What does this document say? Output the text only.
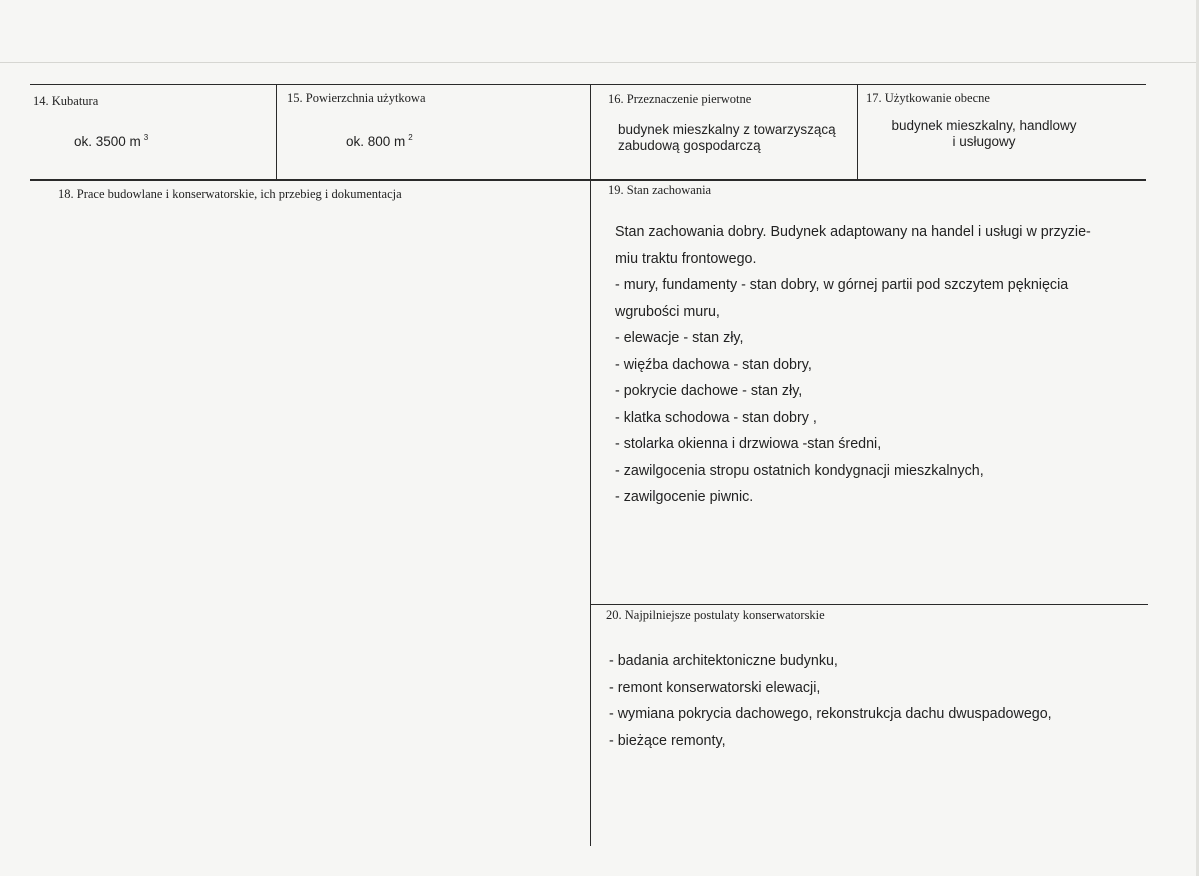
14. Kubatura
ok. 3500 m $^3$
15. Powierzchnia użytkowa
ok. 800 m $^2$
16. Przeznaczenie pierwotne
budynek mieszkalny z towarzyszącą
zabudową gospodarczą
17. Użytkowanie obecne
budynek mieszkalny, handlowy
i usługowy
18. Prace budowlane i konserwatorskie, ich przebieg i dokumentacja	19. Stan zachowania
Stan zachowania dobry. Budynek adaptowany na handel i usługi w przyzie-
miu traktu frontowego.
- mury, fundamenty - stan dobry, w górnej partii pod szczytem pęknięcia
wgrubości muru,
- elewacje - stan zły,
- więźba dachowa - stan dobry,
- pokrycie dachowe - stan zły,
- klatka schodowa - stan dobry ,
- stolarka okienna i drzwiowa -stan średni,
- zawilgocenia stropu ostatnich kondygnacji mieszkalnych,
- zawilgocenie piwnic.
20. Najpilniejsze postulaty konserwatorskie
- badania architektoniczne budynku,
- remont konserwatorski elewacji,
- wymiana pokrycia dachowego, rekonstrukcja dachu dwuspadowego,
- bieżące remonty,
